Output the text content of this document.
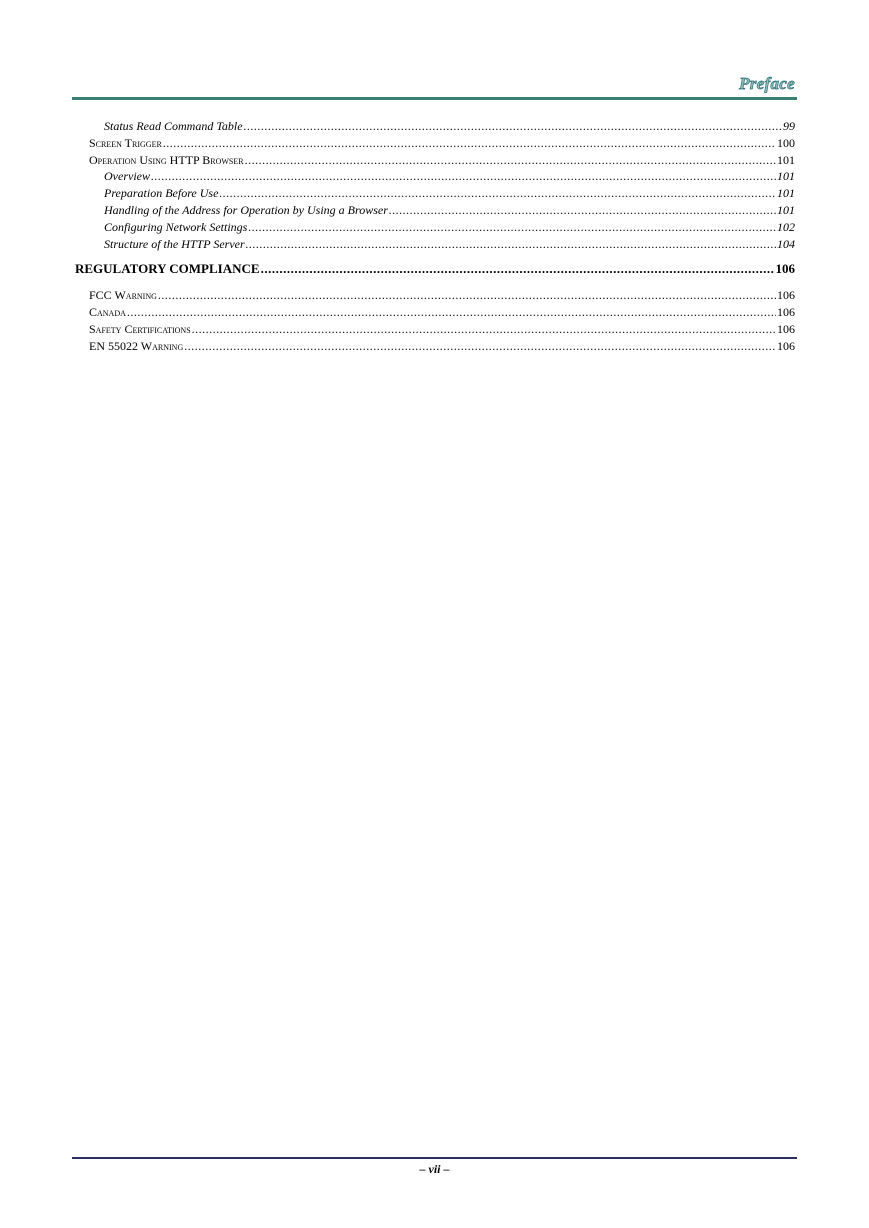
Preface
Status Read Command Table .....	99
Screen Trigger .....	100
Operation Using HTTP Browser .....	101
Overview .....	101
Preparation Before Use .....	101
Handling of the Address for Operation by Using a Browser .....	101
Configuring Network Settings .....	102
Structure of the HTTP Server .....	104
REGULATORY COMPLIANCE .....	106
FCC Warning .....	106
Canada .....	106
Safety Certifications .....	106
EN 55022 Warning .....	106
– vii –
